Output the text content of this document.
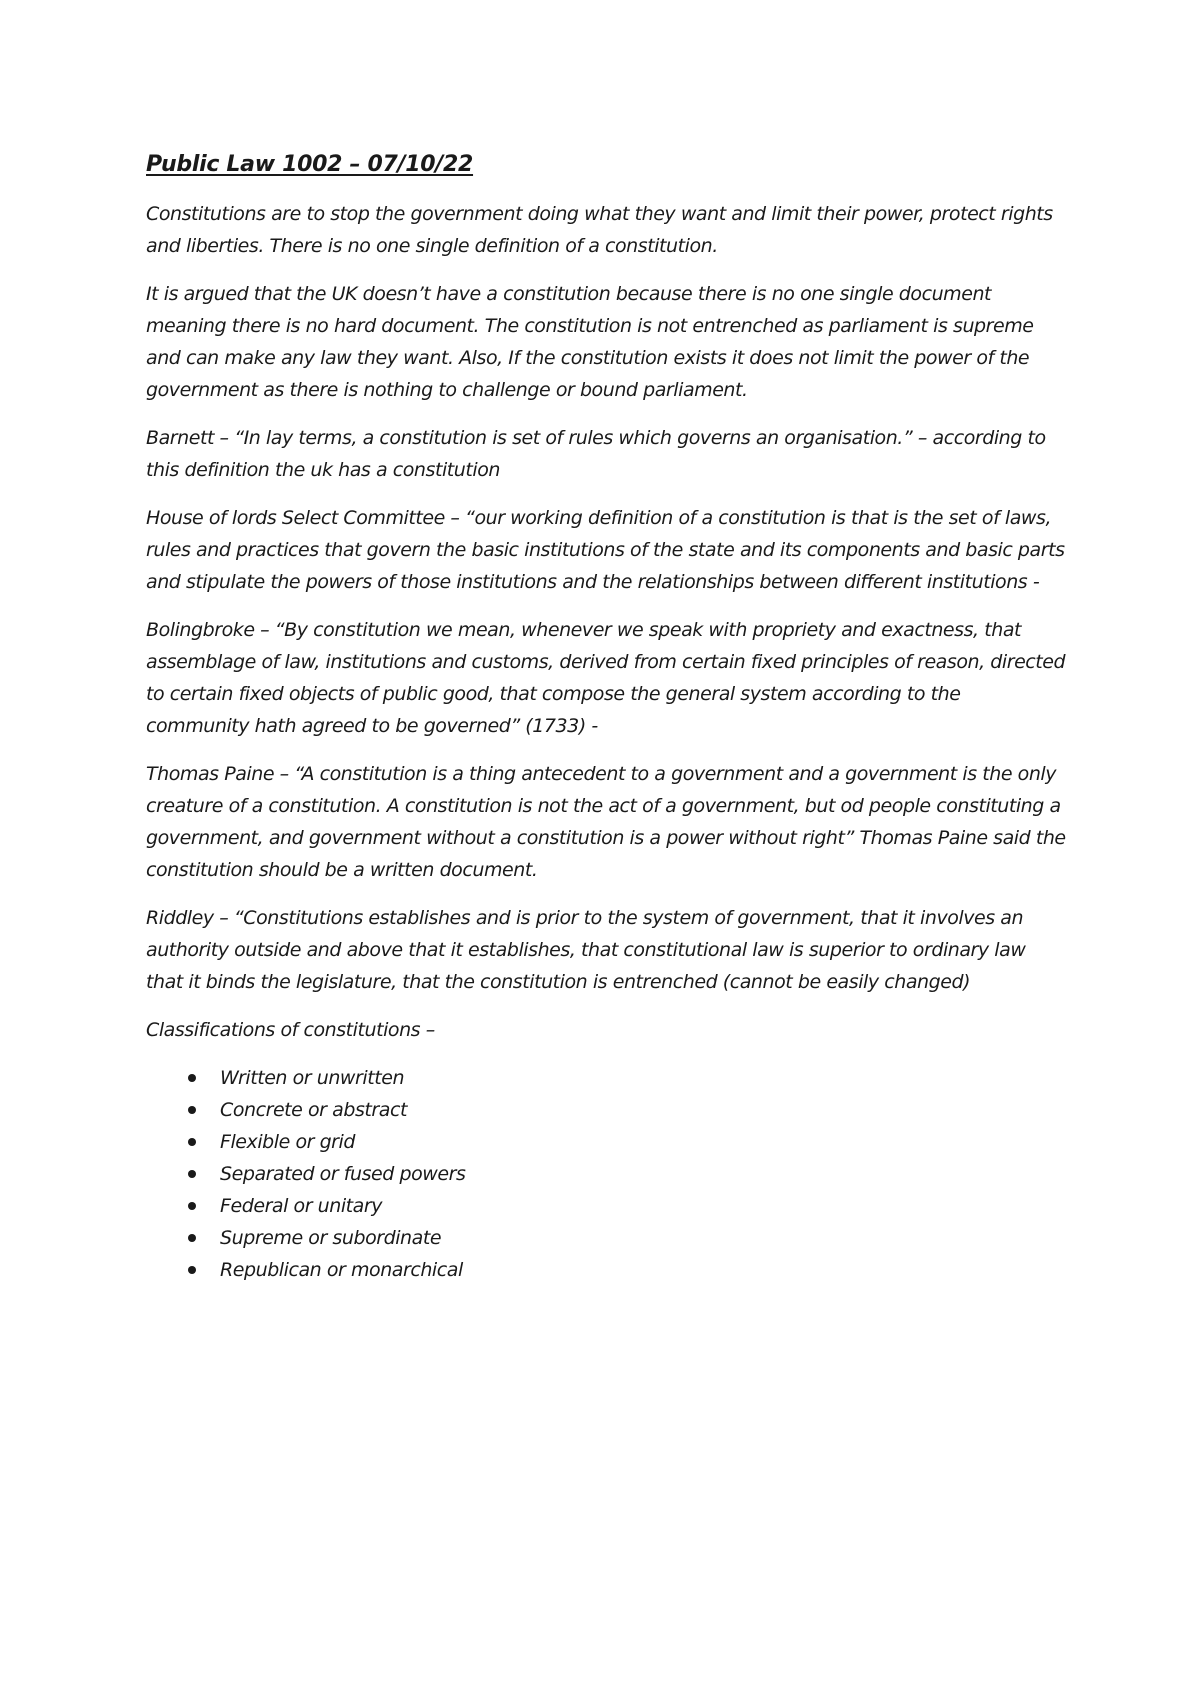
Public Law 1002 – 07/10/22

Constitutions are to stop the government doing what they want and limit their power, protect rights and liberties. There is no one single definition of a constitution.

It is argued that the UK doesn’t have a constitution because there is no one single document meaning there is no hard document. The constitution is not entrenched as parliament is supreme and can make any law they want. Also, If the constitution exists it does not limit the power of the government as there is nothing to challenge or bound parliament.

Barnett – “In lay terms, a constitution is set of rules which governs an organisation.” – according to this definition the uk has a constitution

House of lords Select Committee – “our working definition of a constitution is that is the set of laws, rules and practices that govern the basic institutions of the state and its components and basic parts and stipulate the powers of those institutions and the relationships between different institutions -

Bolingbroke – “By constitution we mean, whenever we speak with propriety and exactness, that assemblage of law, institutions and customs, derived from certain fixed principles of reason, directed to certain fixed objects of public good, that compose the general system according to the community hath agreed to be governed” (1733) -

Thomas Paine – “A constitution is a thing antecedent to a government and a government is the only creature of a constitution. A constitution is not the act of a government, but od people constituting a government, and government without a constitution is a power without right” Thomas Paine said the constitution should be a written document.

Riddley – “Constitutions establishes and is prior to the system of government, that it involves an authority outside and above that it establishes, that constitutional law is superior to ordinary law that it binds the legislature, that the constitution is entrenched (cannot be easily changed)

Classifications of constitutions –

Written or unwritten
Concrete or abstract
Flexible or grid
Separated or fused powers
Federal or unitary
Supreme or subordinate
Republican or monarchical
